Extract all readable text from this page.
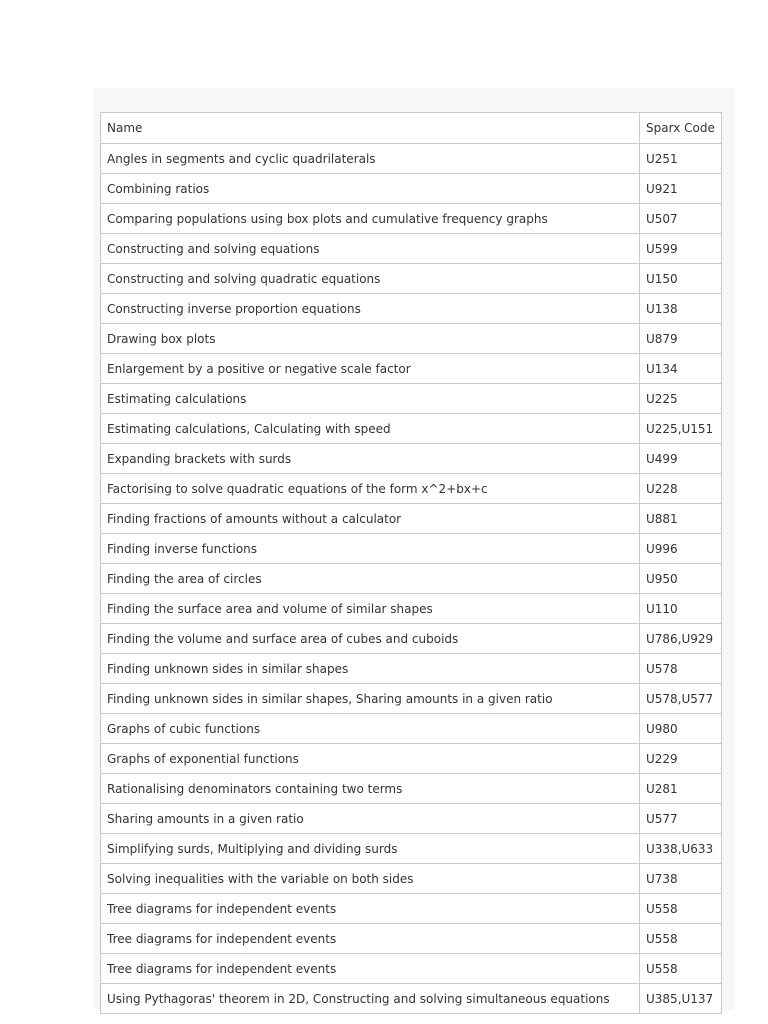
Name	Sparx Code
Angles in segments and cyclic quadrilaterals	U251
Combining ratios	U921
Comparing populations using box plots and cumulative frequency graphs	U507
Constructing and solving equations	U599
Constructing and solving quadratic equations	U150
Constructing inverse proportion equations	U138
Drawing box plots	U879
Enlargement by a positive or negative scale factor	U134
Estimating calculations	U225
Estimating calculations, Calculating with speed	U225,U151
Expanding brackets with surds	U499
Factorising to solve quadratic equations of the form x^2+bx+c	U228
Finding fractions of amounts without a calculator	U881
Finding inverse functions	U996
Finding the area of circles	U950
Finding the surface area and volume of similar shapes	U110
Finding the volume and surface area of cubes and cuboids	U786,U929
Finding unknown sides in similar shapes	U578
Finding unknown sides in similar shapes, Sharing amounts in a given ratio	U578,U577
Graphs of cubic functions	U980
Graphs of exponential functions	U229
Rationalising denominators containing two terms	U281
Sharing amounts in a given ratio	U577
Simplifying surds, Multiplying and dividing surds	U338,U633
Solving inequalities with the variable on both sides	U738
Tree diagrams for independent events	U558
Tree diagrams for independent events	U558
Tree diagrams for independent events	U558
Using Pythagoras' theorem in 2D, Constructing and solving simultaneous equations	U385,U137
